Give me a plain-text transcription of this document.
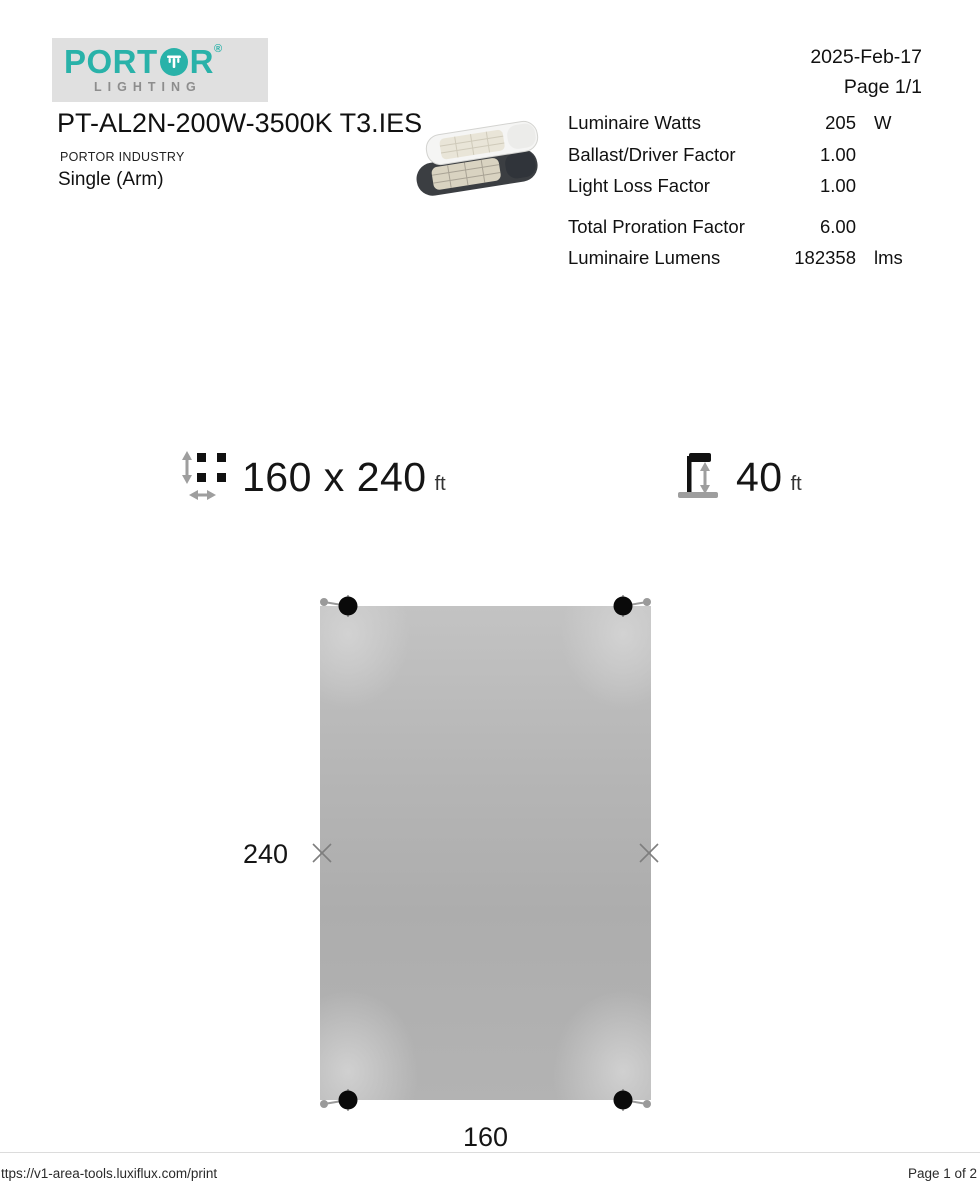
PORT R ®
LIGHTING
2025-Feb-17
Page 1/1
PT-AL2N-200W-3500K T3.IES
PORTOR INDUSTRY
Single (Arm)
Luminaire Watts	205 W
Ballast/Driver Factor	1.00
Light Loss Factor	1.00
Total Proration Factor	6.00
Luminaire Lumens	182358 lms
160 x 240 ft	40 ft
240
160
ttps://v1-area-tools.luxiflux.com/print	Page 1 of 2
